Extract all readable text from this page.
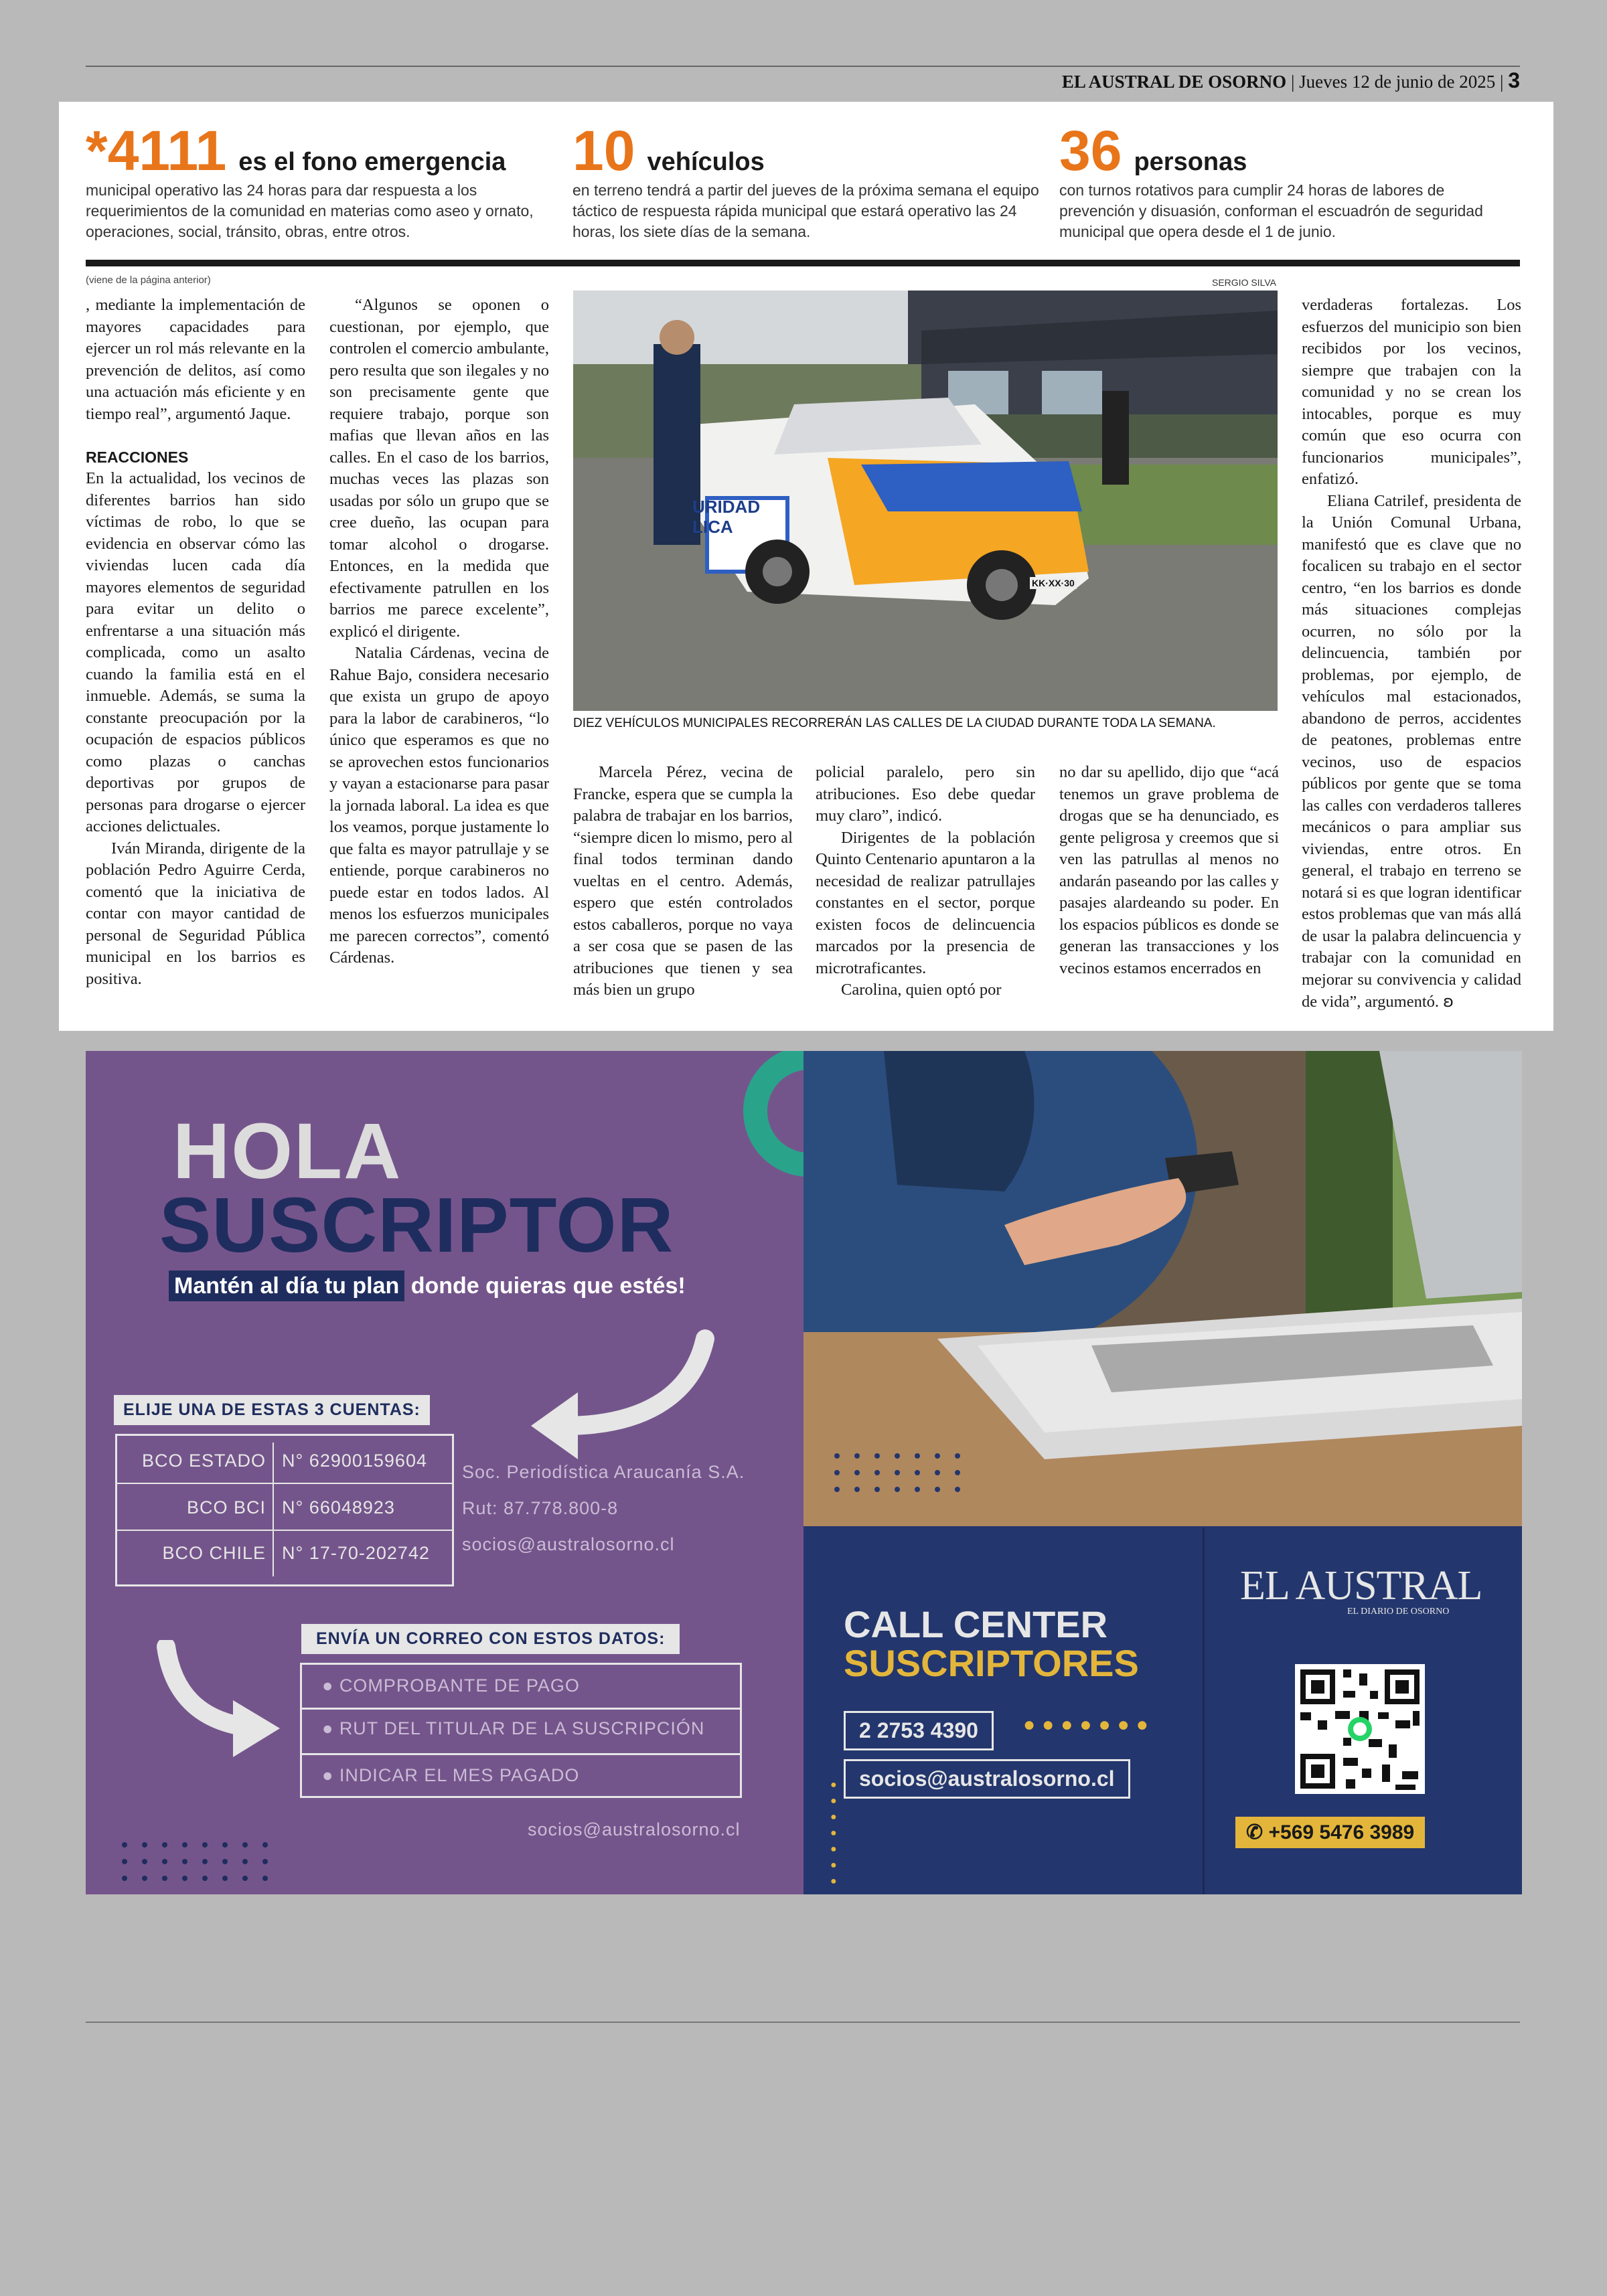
EL AUSTRAL DE OSORNO | Jueves 12 de junio de 2025 | 3
*4111 es el fono emergencia
municipal operativo las 24 horas para dar respuesta a los requerimientos de la comunidad en materias como aseo y ornato, operaciones, social, tránsito, obras, entre otros.
10 vehículos
en terreno tendrá a partir del jueves de la próxima semana el equipo táctico de respuesta rápida municipal que estará operativo las 24 horas, los siete días de la semana.
36 personas
con turnos rotativos para cumplir 24 horas de labores de prevención y disuasión, conforman el escuadrón de seguridad municipal que opera desde el 1 de junio.
(viene de la página anterior)	SERGIO SILVA

, mediante la implementación de mayores capacidades para ejercer un rol más relevante en la prevención de delitos, así como una actuación más eficiente y en tiempo real”, argumentó Jaque.

REACCIONES

En la actualidad, los vecinos de diferentes barrios han sido víctimas de robo, lo que se evidencia en observar cómo las viviendas lucen cada día mayores elementos de seguridad para evitar un delito o enfrentarse a una situación más complicada, como un asalto cuando la familia está en el inmueble. Además, se suma la constante preocupación por la ocupación de espacios públicos como plazas o canchas deportivas por grupos de personas para drogarse o ejercer acciones delictuales.

Iván Miranda, dirigente de la población Pedro Aguirre Cerda, comentó que la iniciativa de contar con mayor cantidad de personal de Seguridad Pública municipal en los barrios es positiva.

“Algunos se oponen o cuestionan, por ejemplo, que controlen el comercio ambulante, pero resulta que son ilegales y no son precisamente gente que requiere trabajo, porque son mafias que llevan años en las calles. En el caso de los barrios, muchas veces las plazas son usadas por sólo un grupo que se cree dueño, las ocupan para tomar alcohol o drogarse. Entonces, en la medida que efectivamente patrullen en los barrios me parece excelente”, explicó el dirigente.

Natalia Cárdenas, vecina de Rahue Bajo, considera necesario que exista un grupo de apoyo para la labor de carabineros, “lo único que esperamos es que no se aprovechen estos funcionarios y vayan a estacionarse para pasar la jornada laboral. La idea es que los veamos, porque justamente lo que falta es mayor patrullaje y se entiende, porque carabineros no puede estar en todos lados. Al menos los esfuerzos municipales me parecen correctos”, comentó Cárdenas.

DIEZ VEHÍCULOS MUNICIPALES RECORRERÁN LAS CALLES DE LA CIUDAD DURANTE TODA LA SEMANA.

Marcela Pérez, vecina de Francke, espera que se cumpla la palabra de trabajar en los barrios, “siempre dicen lo mismo, pero al final todos terminan dando vueltas en el centro. Además, espero que estén controlados estos caballeros, porque no vaya a ser cosa que se pasen de las atribuciones que tienen y sea más bien un grupo

policial paralelo, pero sin atribuciones. Eso debe quedar muy claro”, indicó.

Dirigentes de la población Quinto Centenario apuntaron a la necesidad de realizar patrullajes constantes en el sector, porque existen focos de delincuencia marcados por la presencia de microtraficantes.

Carolina, quien optó por

no dar su apellido, dijo que “acá tenemos un grave problema de drogas que se ha denunciado, es gente peligrosa y creemos que si ven las patrullas al menos no andarán paseando por las calles y pasajes alardeando su poder. En los espacios públicos es donde se generan las transacciones y los vecinos estamos encerrados en

verdaderas fortalezas. Los esfuerzos del municipio son bien recibidos por los vecinos, siempre que trabajen con la comunidad y no se crean los intocables, porque es muy común que eso ocurra con funcionarios municipales”, enfatizó.

Eliana Catrilef, presidenta de la Unión Comunal Urbana, manifestó que es clave que no focalicen su trabajo en el sector centro, “en los barrios es donde más situaciones complejas ocurren, no sólo por la delincuencia, también por problemas, por ejemplo, de vehículos mal estacionados, abandono de perros, accidentes de peatones, problemas entre vecinos, uso de espacios públicos por gente que se toma las calles con verdaderos talleres mecánicos o para ampliar sus viviendas, entre otros. En general, el trabajo en terreno se notará si es que logran identificar estos problemas que van más allá de usar la palabra delincuencia y trabajar con la comunidad en mejorar su convivencia y calidad de vida”, argumentó. ʚ

HOLA
SUSCRIPTOR
Mantén al día tu plan donde quieras que estés!
ELIJE UNA DE ESTAS 3 CUENTAS:
BCO ESTADO N° 62900159604
BCO BCI N° 66048923
BCO CHILE N° 17-70-202742
Soc. Periodística Araucanía S.A.
Rut: 87.778.800-8
socios@australosorno.cl
ENVÍA UN CORREO CON ESTOS DATOS:
● COMPROBANTE DE PAGO
● RUT DEL TITULAR DE LA SUSCRIPCIÓN
● INDICAR EL MES PAGADO
socios@australosorno.cl
CALL CENTER
SUSCRIPTORES
2 2753 4390	●●●●●●●
socios@australosorno.cl
● ● ● ● ● ● ●
EL AUSTRAL
EL DIARIO DE OSORNO
✆ +569 5476 3989
URIDAD
LICA
KK·XX·30
